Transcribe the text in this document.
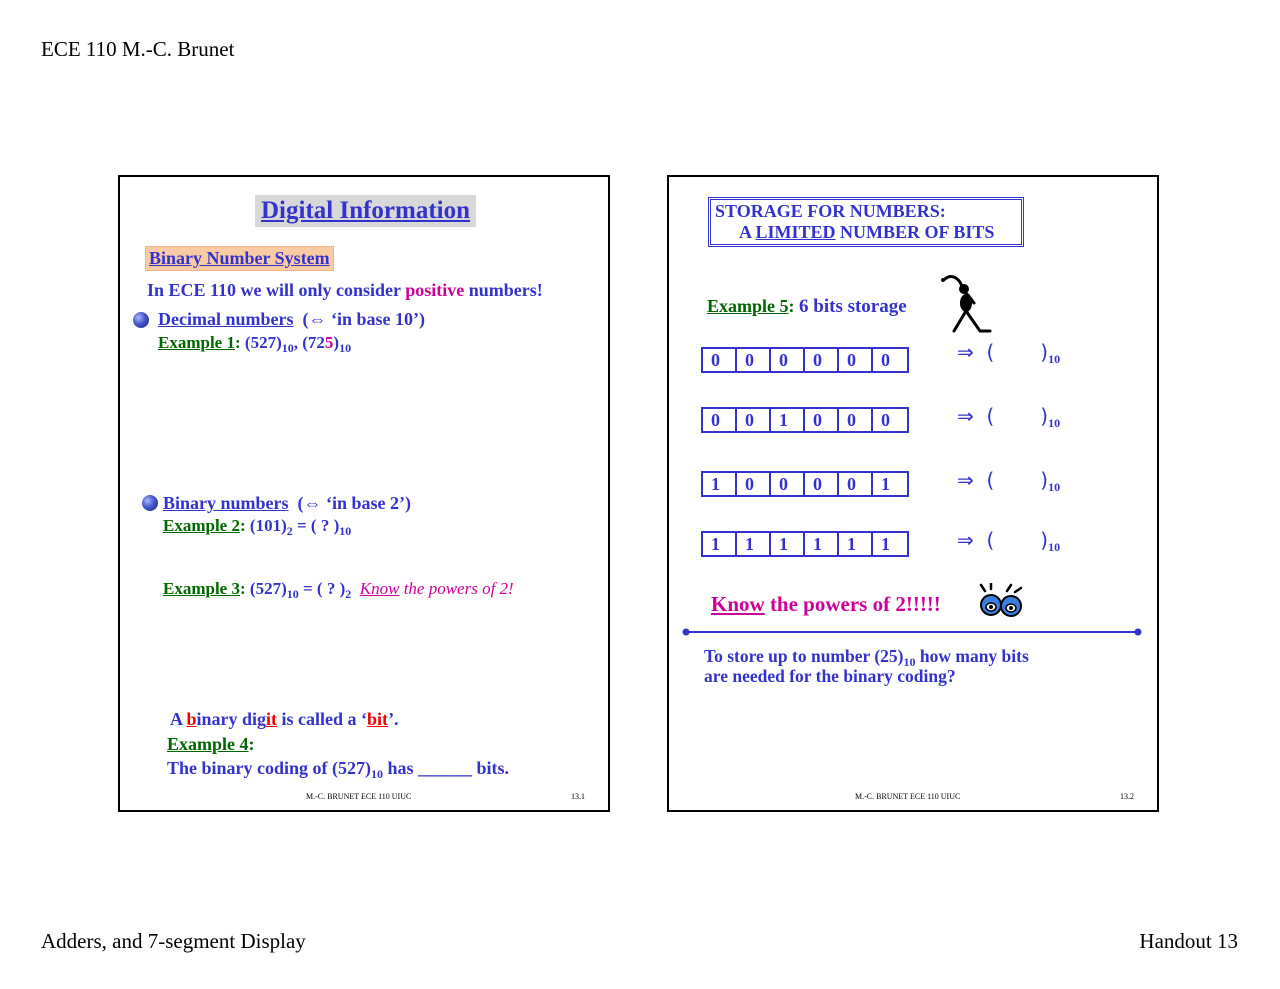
ECE 110 M.-C. Brunet
Digital Information
Binary Number System
In ECE 110 we will only consider positive numbers!
Decimal numbers (⇔ ‘in base 10’)
Example 1: $(527)_{10}$, $(725)_{10}$
Binary numbers (⇔ ‘in base 2’)
Example 2: $(101)_2$ = ( ? )$_{10}$
Example 3: $(527)_{10}$ = ( ? )$_2$ Know the powers of 2!
A binary digit is called a ‘bit’.
Example 4:
The binary coding of $(527)_{10}$ has ______ bits.
M.-C. BRUNET ECE 110 UIUC	13.1
STORAGE FOR NUMBERS:
A LIMITED NUMBER OF BITS
Example 5: 6 bits storage
0	0	0	0	0	0	⇒ ( )$_{10}$
0	0	1	0	0	0	⇒ ( )$_{10}$
1	0	0	0	0	1	⇒ ( )$_{10}$
1	1	1	1	1	1	⇒ ( )$_{10}$
Know the powers of 2!!!!!
To store up to number $(25)_{10}$ how many bits
are needed for the binary coding?
M.-C. BRUNET ECE 110 UIUC	13.2
Adders, and 7-segment Display	Handout 13
